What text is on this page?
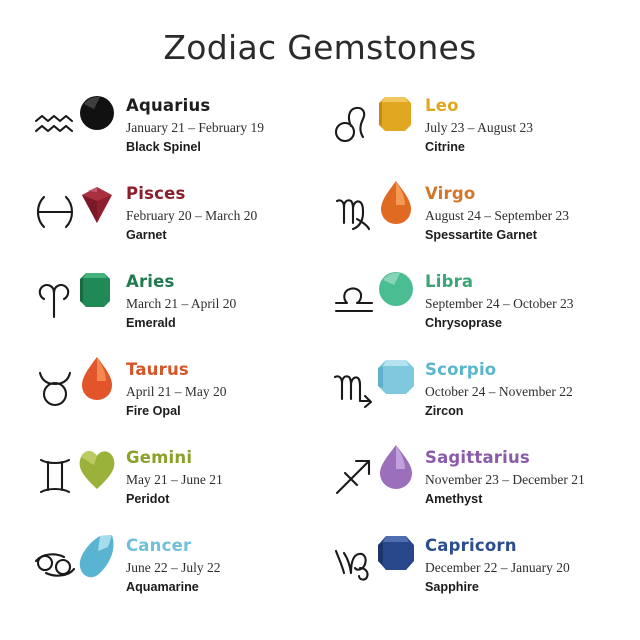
Zodiac Gemstones
Aquarius
January 21 – February 19
Black Spinel
Pisces
February 20 – March 20
Garnet
Aries
March 21 – April 20
Emerald
Taurus
April 21 – May 20
Fire Opal
Gemini
May 21 – June 21
Peridot
Cancer
June 22 – July 22
Aquamarine
Leo
July 23 – August 23
Citrine
Virgo
August 24 – September 23
Spessartite Garnet
Libra
September 24 – October 23
Chrysoprase
Scorpio
October 24 – November 22
Zircon
Sagittarius
November 23 – December 21
Amethyst
Capricorn
December 22 – January 20
Sapphire
